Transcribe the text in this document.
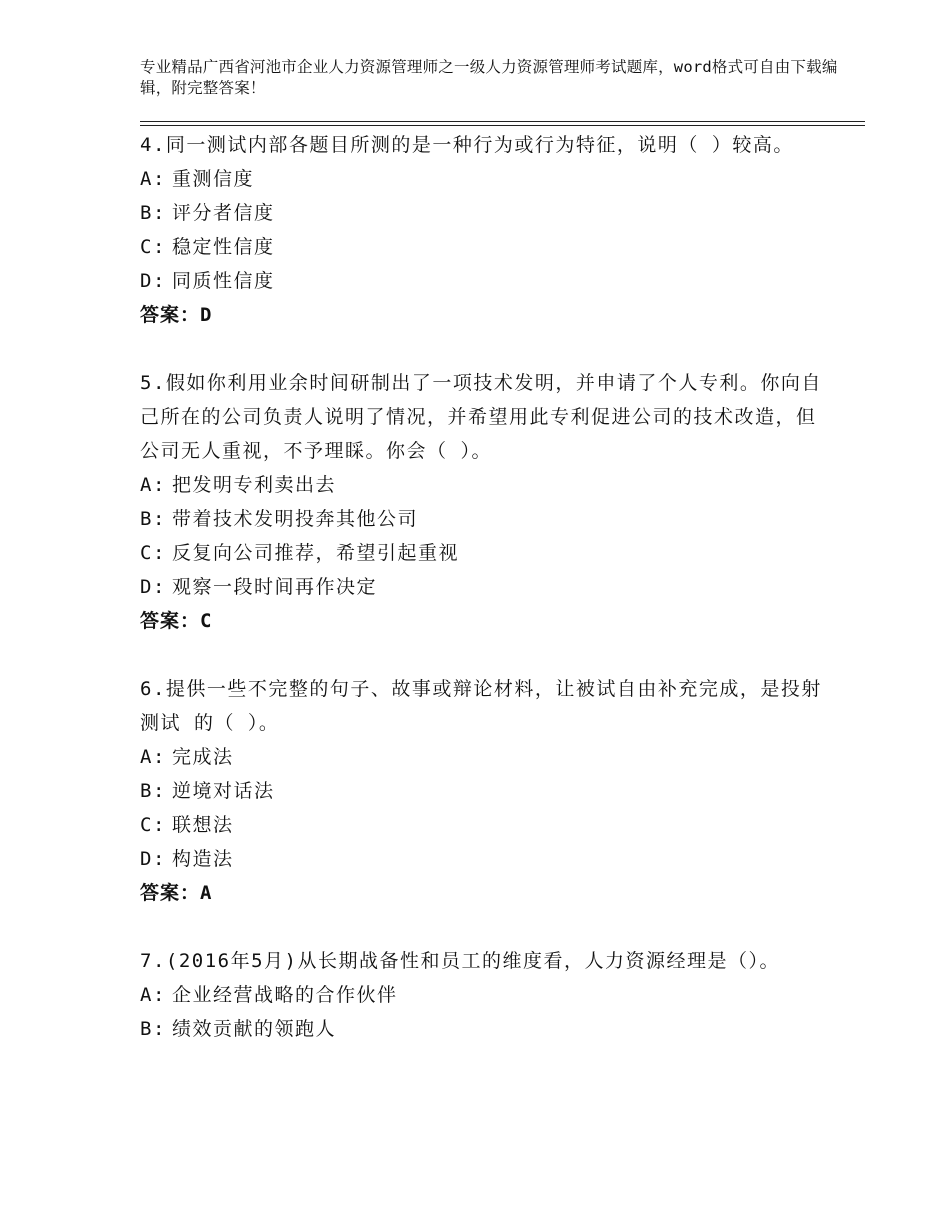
专业精品广西省河池市企业人力资源管理师之一级人力资源管理师考试题库，word格式可自由下载编辑，附完整答案！

4.同一测试内部各题目所测的是一种行为或行为特征，说明（ ）较高。

A: 重测信度

B: 评分者信度

C: 稳定性信度

D: 同质性信度

答案：D

5.假如你利用业余时间研制出了一项技术发明，并申请了个人专利。你向自己所在的公司负责人说明了情况，并希望用此专利促进公司的技术改造，但公司无人重视，不予理睬。你会（ ）。

A: 把发明专利卖出去

B: 带着技术发明投奔其他公司

C: 反复向公司推荐，希望引起重视

D: 观察一段时间再作决定

答案：C

6.提供一些不完整的句子、故事或辩论材料，让被试自由补充完成，是投射测试 的（ ）。

A: 完成法

B: 逆境对话法

C: 联想法

D: 构造法

答案：A

7.(2016年5月)从长期战备性和员工的维度看，人力资源经理是（）。

A: 企业经营战略的合作伙伴

B: 绩效贡献的领跑人
